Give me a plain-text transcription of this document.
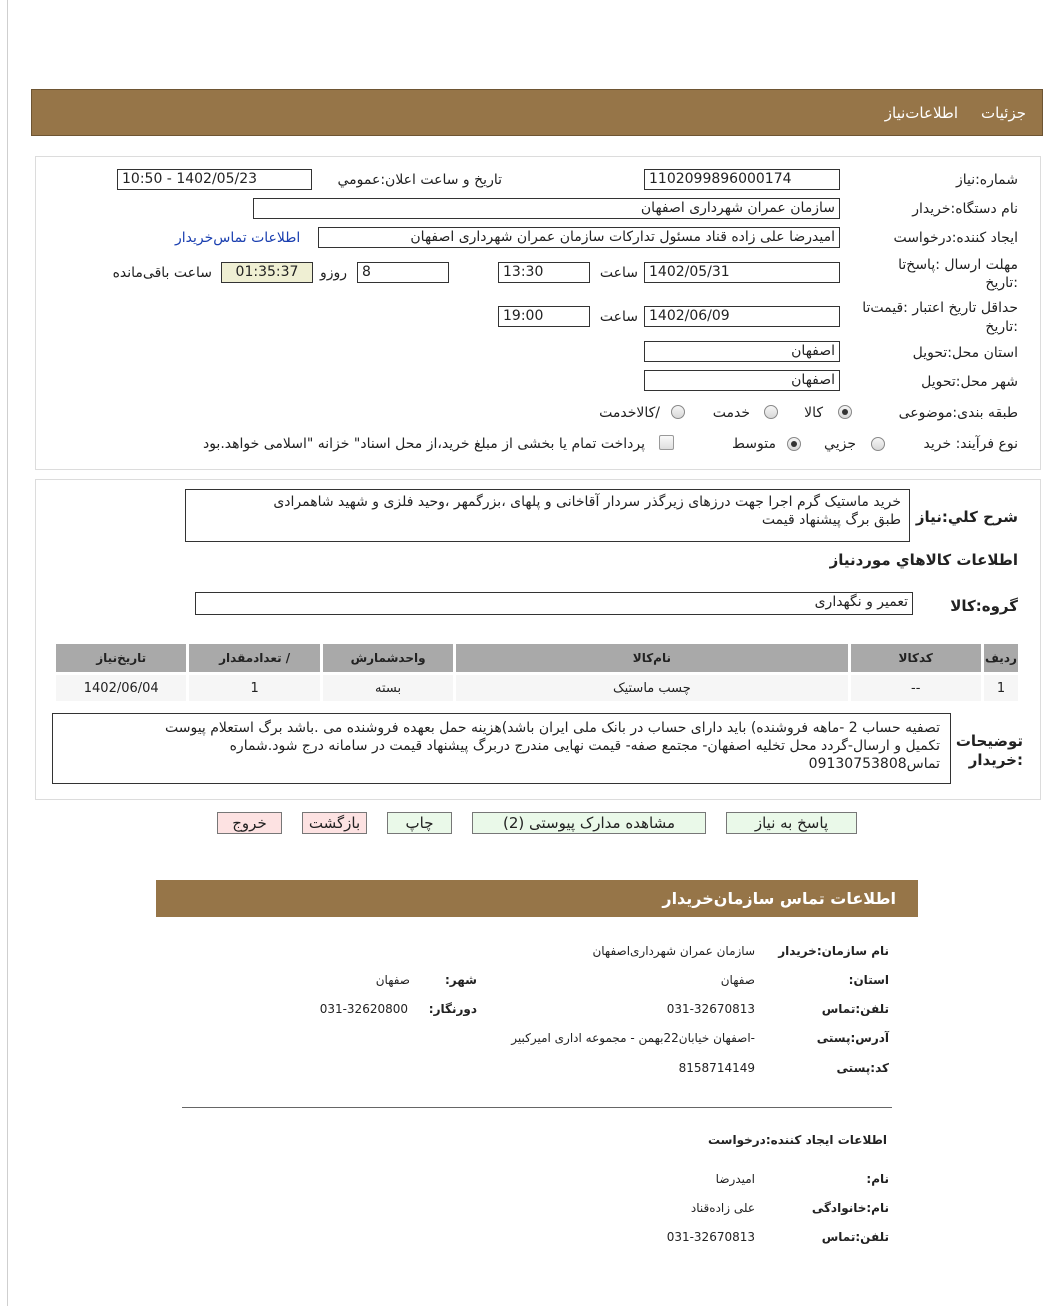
جزئیات
اطلاعات‌نیاز
شماره:نیاز
1102099896000174
تاریخ و ساعت اعلان:عمومي
1402/05/23 - 10:50
نام دستگاه:خریدار
سازمان عمران شهرداری اصفهان
ایجاد کننده:درخواست
امیدرضا علی زاده قناد مسئول تدارکات سازمان عمران شهرداری اصفهان
اطلاعات تماس‌خریدار
مهلت ارسال :پاسخ‌تا
:تاریخ
1402/05/31
ساعت
13:30
8
روزو
01:35:37
ساعت باقی‌مانده
حداقل تاریخ اعتبار :قیمت‌تا
:تاریخ
1402/06/09
ساعت
19:00
استان محل:تحویل
اصفهان
شهر محل:تحویل
اصفهان
طبقه بندی:موضوعی
کالا
خدمت
/کالاخدمت
نوع فرآیند: خرید
جزيي
متوسط
پرداخت تمام یا بخشی از مبلغ خرید،از محل اسناد" خزانه "اسلامی خواهد.بود
شرح کلي:نیاز
خرید ماستیک گرم اجرا جهت درزهای زیرگذر سردار آقاخانی و پلهای ،بزرگمهر ،وحید فلزی و شهید شاهمرادی
طبق برگ پیشنهاد قیمت
اطلاعات کالاهاي موردنیاز
گروه:کالا
تعمیر و نگهداری
ردیف	کدکالا	نام‌کالا	واحدشمارش	/ تعدادمقدار	تاریخ‌نیاز
1	--	چسب ماستیک	بسته	1	1402/06/04
توضیحات
:خریدار
تصفیه حساب 2 -ماهه فروشنده) باید دارای حساب در بانک ملی ایران باشد)هزینه حمل بعهده فروشنده می .باشد برگ استعلام پیوست
تکمیل و ارسال-گردد محل تخلیه اصفهان- مجتمع صفه- قیمت نهایی مندرج دربرگ پیشنهاد قیمت در سامانه درج شود.شماره
تماس09130753808
پاسخ به نیاز
مشاهده مدارک پیوستی (2)
چاپ
بازگشت
خروج
اطلاعات تماس سازمان‌خریدار
نام سازمان:خریدار
سازمان عمران شهرداری‌اصفهان
استان:
صفهان
شهر:
صفهان
تلفن:تماس
031-32670813
دورنگار:
031-32620800
آدرس:پستی
-اصفهان خیابان22بهمن - مجموعه اداری امیرکبیر
کد:پستی
8158714149
اطلاعات ایجاد کننده:درخواست
نام:
امیدرضا
نام:خانوادگی
علی زاده‌قناد
تلفن:تماس
031-32670813
